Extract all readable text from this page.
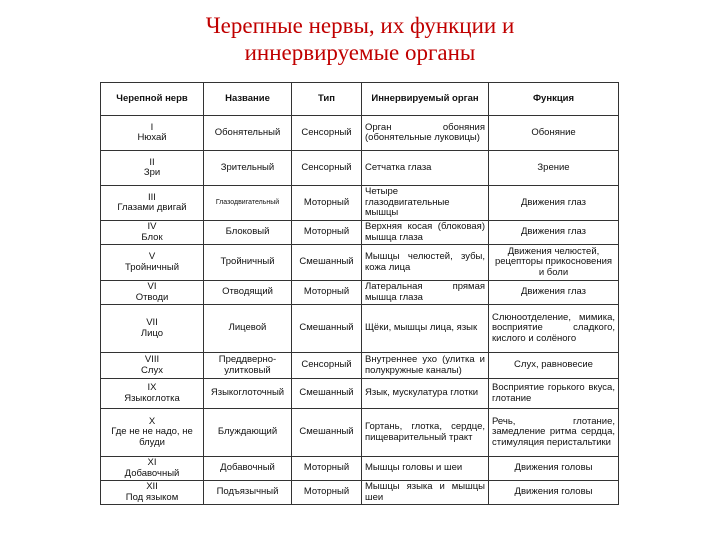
Черепные нервы, их функции и
иннервируемые органы
Черепной нерв	Название	Тип	Иннервируемый орган	Функция

I
Нюхай	Обонятельный	Сенсорный	Орган обоняния (обонятельные луковицы)	Обоняние

II
Зри	Зрительный	Сенсорный	Сетчатка глаза	Зрение

III
Глазами двигай	Глазодвигательный	Моторный	Четыре глазодвигательные мышцы	Движения глаз

IV
Блок	Блоковый	Моторный	Верхняя косая (блоковая) мышца глаза	Движения глаз

V
Тройничный	Тройничный	Смешанный	Мышцы челюстей, зубы, кожа лица	Движения челюстей, рецепторы прикосновения и боли

VI
Отводи	Отводящий	Моторный	Латеральная прямая мышца глаза	Движения глаз

VII
Лицо	Лицевой	Смешанный	Щёки, мышцы лица, язык	Слюноотделение, мимика, восприятие сладкого, кислого и солёного

VIII
Слух	Преддверно-улитковый	Сенсорный	Внутреннее ухо (улитка и полукружные каналы)	Слух, равновесие

IX
Языкоглотка	Языкоглоточный	Смешанный	Язык, мускулатура глотки	Восприятие горького вкуса, глотание

X
Где не не надо, не блуди	Блуждающий	Смешанный	Гортань, глотка, сердце, пищеварительный тракт	Речь, глотание, замедление ритма сердца, стимуляция перистальтики

XI
Добавочный	Добавочный	Моторный	Мышцы головы и шеи	Движения головы

XII
Под языком	Подъязычный	Моторный	Мышцы языка и мышцы шеи	Движения головы
